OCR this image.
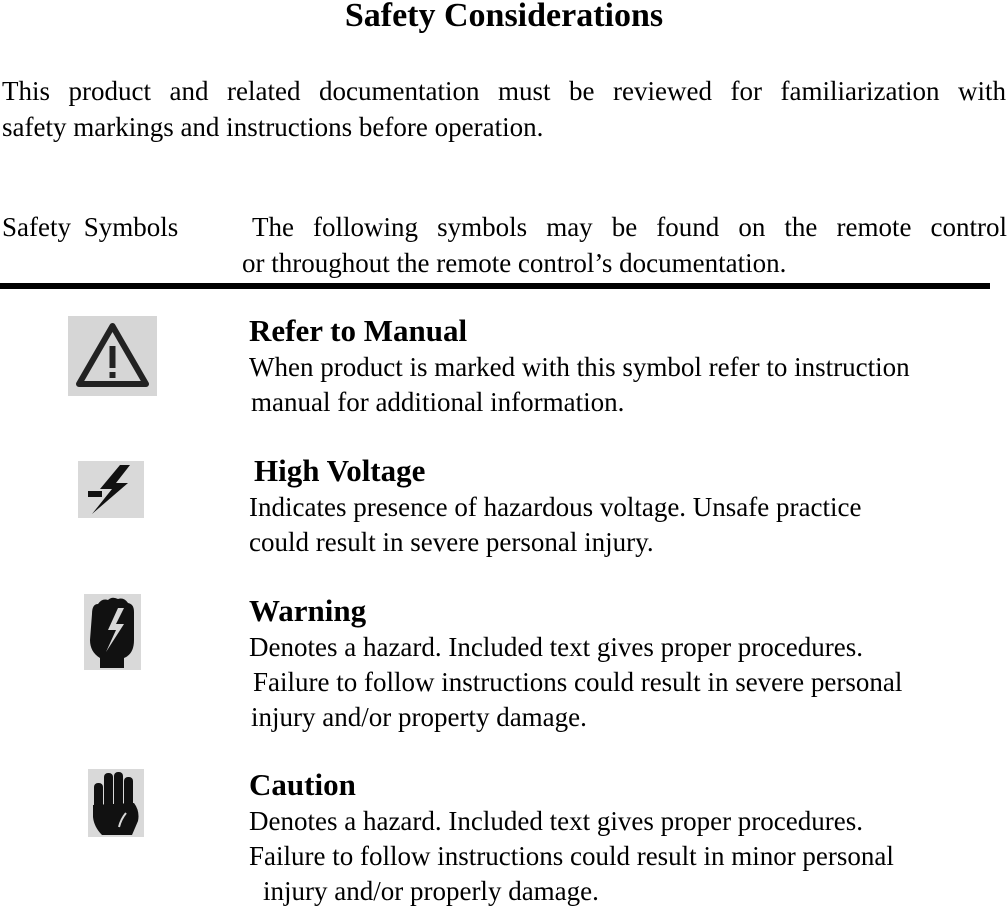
Safety Considerations
This product and related documentation must be reviewed for familiarization with
safety markings and instructions before operation.
Safety Symbols	The following symbols may be found on the remote control
or throughout the remote control’s documentation.
Refer to Manual
When product is marked with this symbol refer to instruction
manual for additional information.
High Voltage
Indicates presence of hazardous voltage. Unsafe practice
could result in severe personal injury.
Warning
Denotes a hazard. Included text gives proper procedures.
Failure to follow instructions could result in severe personal
injury and/or property damage.
Caution
Denotes a hazard. Included text gives proper procedures.
Failure to follow instructions could result in minor personal
injury and/or properly damage.
